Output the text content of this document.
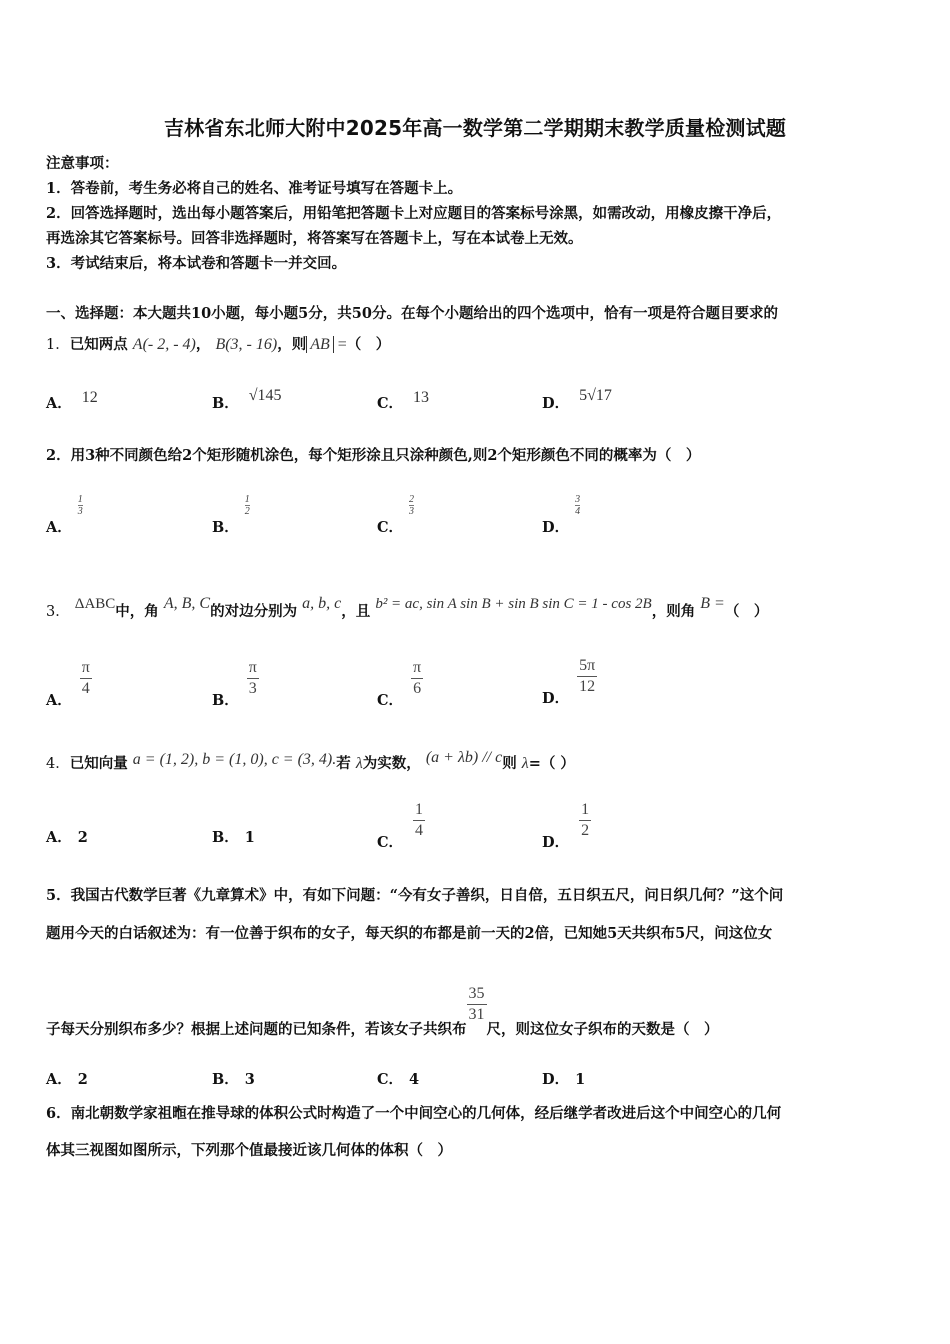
吉林省东北师大附中2025年高一数学第二学期期末教学质量检测试题
注意事项：
1．答卷前，考生务必将自己的姓名、准考证号填写在答题卡上。
2．回答选择题时，选出每小题答案后，用铅笔把答题卡上对应题目的答案标号涂黑，如需改动，用橡皮擦干净后，
再选涂其它答案标号。回答非选择题时，将答案写在答题卡上，写在本试卷上无效。
3．考试结束后，将本试卷和答题卡一并交回。
一、选择题：本大题共10小题，每小题5分，共50分。在每个小题给出的四个选项中，恰有一项是符合题目要求的
1．已知两点 A(- 2, - 4)， B(3, - 16)，则 AB =（　）
A． 12	B． √145	C． 13	D． 5√17
2．用3种不同颜色给2个矩形随机涂色，每个矩形涂且只涂种颜色,则2个矩形颜色不同的概率为（　）
A．
$\frac{1}{3}$
B．
$\frac{1}{2}$
C．
$\frac{2}{3}$
D．
$\frac{3}{4}$
3． ΔABC中，角 A, B, C的对边分别为 a, b, c，且 b² = ac, sin A sin B + sin B sin C = 1 - cos 2B，则角 B =（　）
A．
$\frac{\pi}{4}$
B．
$\frac{\pi}{3}$
C．
$\frac{\pi}{6}$	D．
$\frac{5\pi}{12}$
4．已知向量 a = (1, 2), b = (1, 0), c = (3, 4).若 λ为实数， (a + λb) // c则 λ=（ ）
A． 2	B． 1	C．
$\frac{1}{4}$
D．
$\frac{1}{2}$
5．我国古代数学巨著《九章算术》中，有如下问题：“今有女子善织，日自倍，五日织五尺，问日织几何？”这个问
题用今天的白话叙述为：有一位善于织布的女子，每天织的布都是前一天的2倍，已知她5天共织布5尺，问这位女
子每天分别织布多少？根据上述问题的已知条件，若该女子共织布
$\frac{35}{31}$
尺，则这位女子织布的天数是（　）
A． 2	B． 3	C． 4	D． 1
6．南北朝数学家祖暅在推导球的体积公式时构造了一个中间空心的几何体，经后继学者改进后这个中间空心的几何
体其三视图如图所示，下列那个值最接近该几何体的体积（　）
